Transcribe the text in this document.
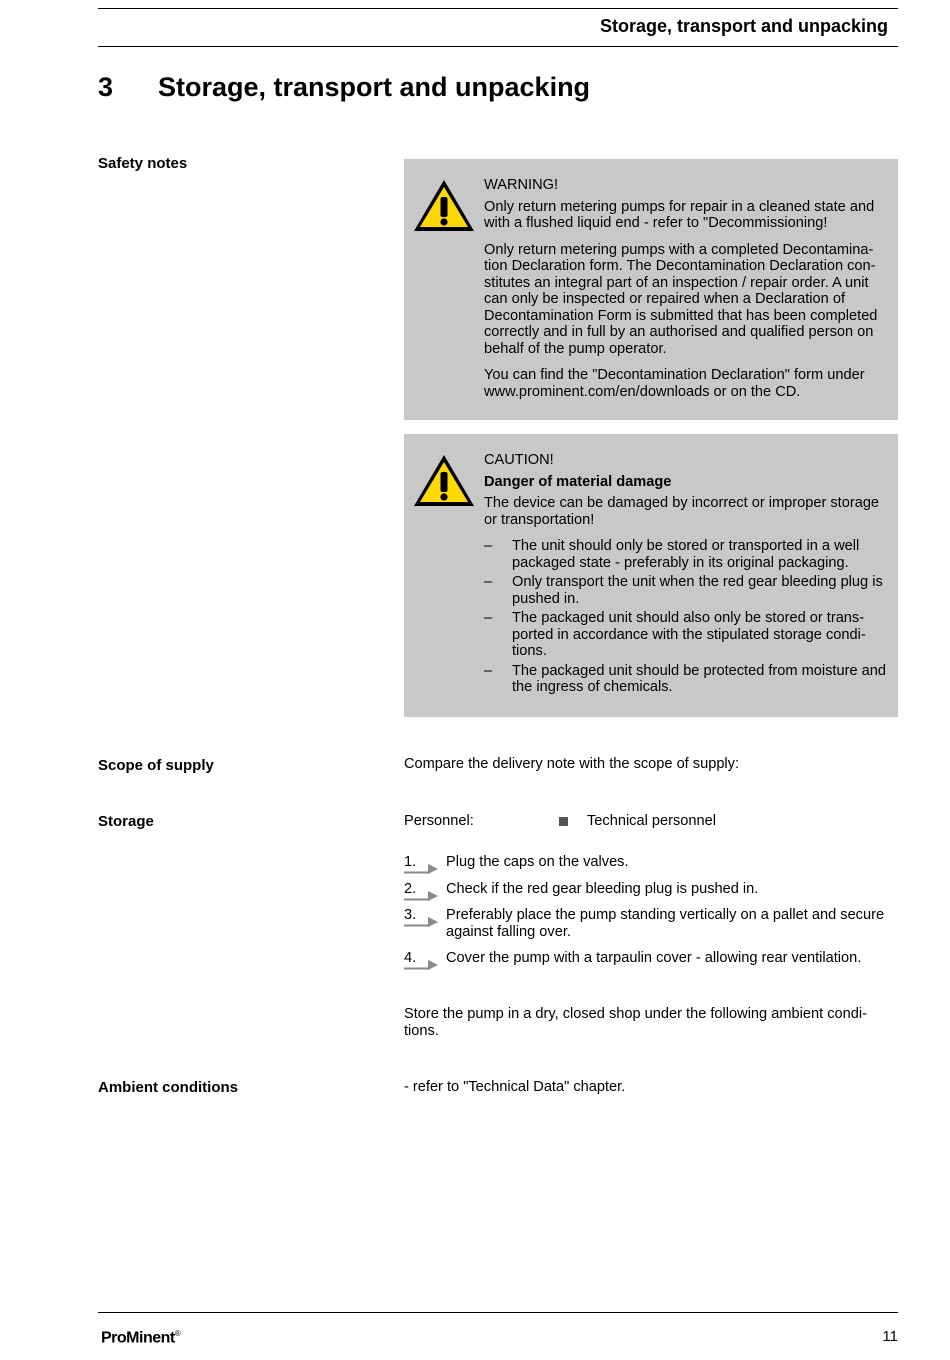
Storage, transport and unpacking
3 Storage, transport and unpacking
Safety notes

WARNING!

Only return metering pumps for repair in a cleaned state and with a flushed liquid end - refer to "Decommissioning!

Only return metering pumps with a completed Decontamina-tion Declaration form. The Decontamination Declaration con-stitutes an integral part of an inspection / repair order. A unit can only be inspected or repaired when a Declaration of Decontamination Form is submitted that has been completed correctly and in full by an authorised and qualified person on behalf of the pump operator.

You can find the "Decontamination Declaration" form under www.prominent.com/en/downloads or on the CD.

CAUTION!

Danger of material damage

The device can be damaged by incorrect or improper storage or transportation!

– The unit should only be stored or transported in a well packaged state - preferably in its original packaging.
– Only transport the unit when the red gear bleeding plug is pushed in.
– The packaged unit should also only be stored or trans-ported in accordance with the stipulated storage condi-tions.
– The packaged unit should be protected from moisture and the ingress of chemicals.
Scope of supply	Compare the delivery note with the scope of supply:
Storage	Personnel:	Technical personnel
1. Plug the caps on the valves.
2. Check if the red gear bleeding plug is pushed in.
3. Preferably place the pump standing vertically on a pallet and secure against falling over.
4. Cover the pump with a tarpaulin cover - allowing rear ventilation.
Store the pump in a dry, closed shop under the following ambient condi-tions.
Ambient conditions	- refer to "Technical Data" chapter.
ProMinent®	11
